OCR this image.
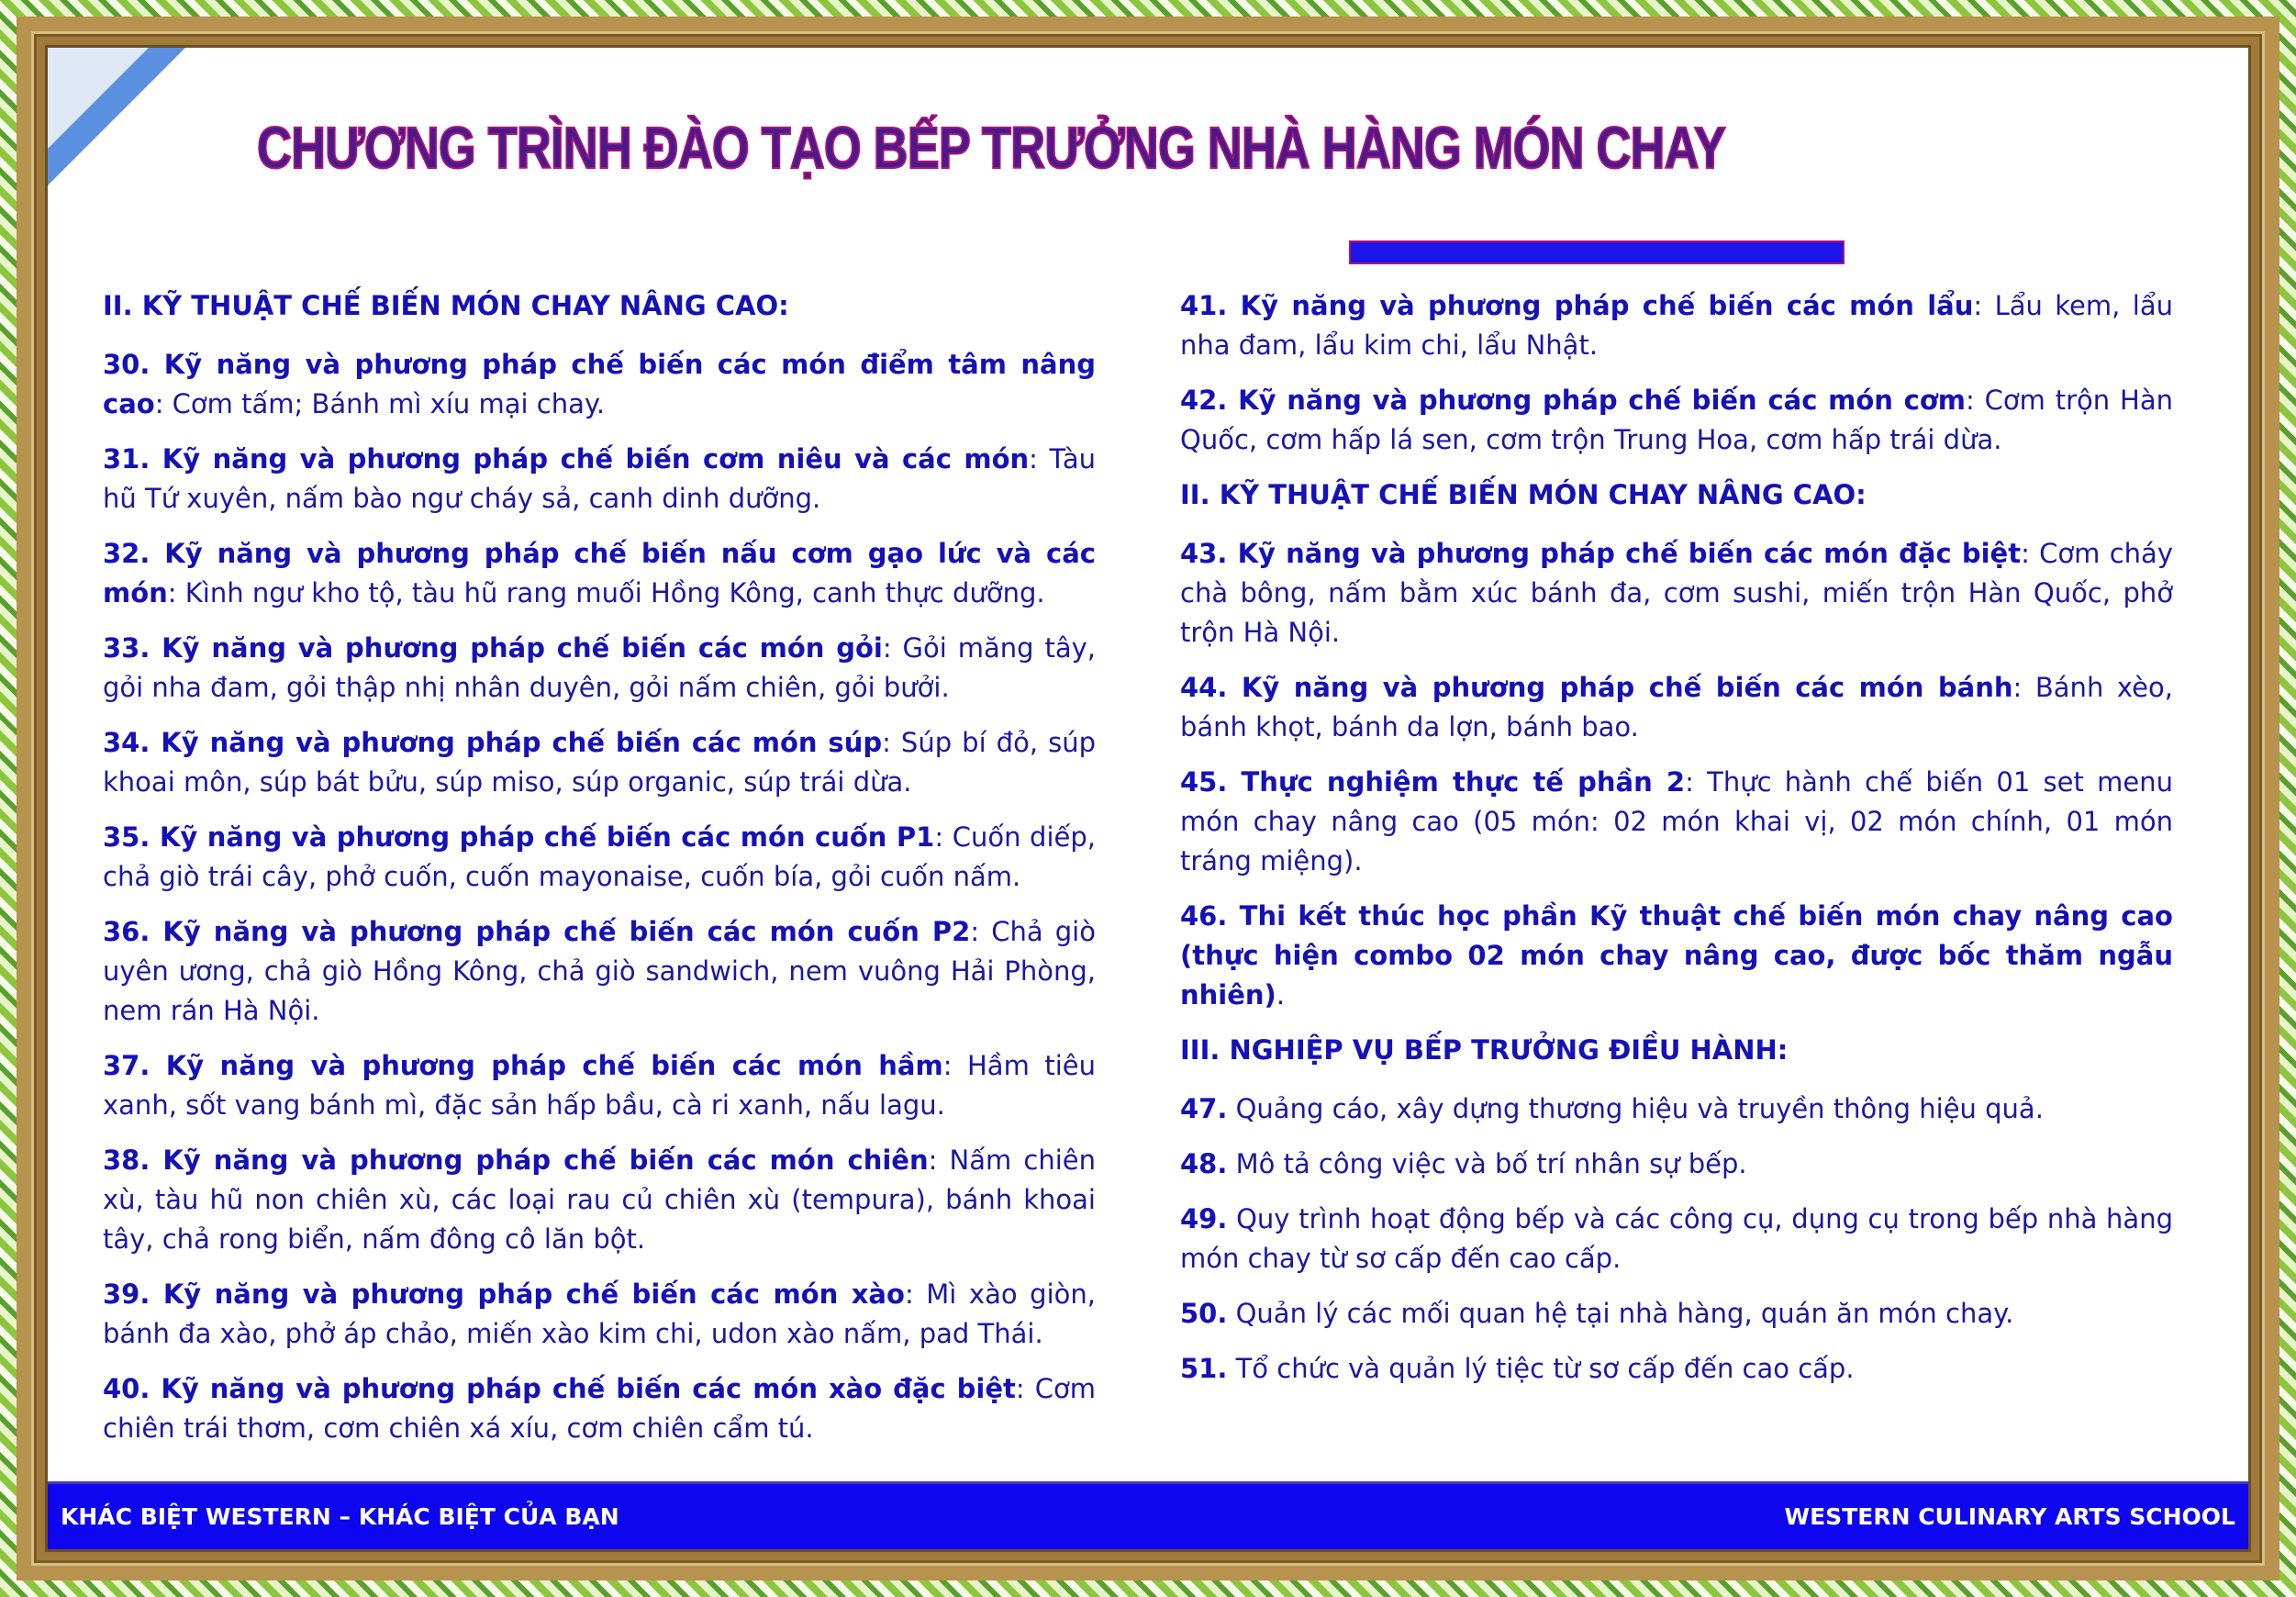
CHƯƠNG TRÌNH ĐÀO TẠO BẾP TRƯỞNG NHÀ HÀNG MÓN CHAY
II. KỸ THUẬT CHẾ BIẾN MÓN CHAY NÂNG CAO:
30. Kỹ năng và phương pháp chế biến các món điểm tâm nâng cao: Cơm tấm; Bánh mì xíu mại chay.
31. Kỹ năng và phương pháp chế biến cơm niêu và các món: Tàu hũ Tứ xuyên, nấm bào ngư cháy sả, canh dinh dưỡng.
32. Kỹ năng và phương pháp chế biến nấu cơm gạo lức và các món: Kình ngư kho tộ, tàu hũ rang muối Hồng Kông, canh thực dưỡng.
33. Kỹ năng và phương pháp chế biến các món gỏi: Gỏi măng tây, gỏi nha đam, gỏi thập nhị nhân duyên, gỏi nấm chiên, gỏi bưởi.
34. Kỹ năng và phương pháp chế biến các món súp: Súp bí đỏ, súp khoai môn, súp bát bửu, súp miso, súp organic, súp trái dừa.
35. Kỹ năng và phương pháp chế biến các món cuốn P1: Cuốn diếp, chả giò trái cây, phở cuốn, cuốn mayonaise, cuốn bía, gỏi cuốn nấm.
36. Kỹ năng và phương pháp chế biến các món cuốn P2: Chả giò uyên ương, chả giò Hồng Kông, chả giò sandwich, nem vuông Hải Phòng, nem rán Hà Nội.
37. Kỹ năng và phương pháp chế biến các món hầm: Hầm tiêu xanh, sốt vang bánh mì, đặc sản hấp bầu, cà ri xanh, nấu lagu.
38. Kỹ năng và phương pháp chế biến các món chiên: Nấm chiên xù, tàu hũ non chiên xù, các loại rau củ chiên xù (tempura), bánh khoai tây, chả rong biển, nấm đông cô lăn bột.
39. Kỹ năng và phương pháp chế biến các món xào: Mì xào giòn, bánh đa xào, phở áp chảo, miến xào kim chi, udon xào nấm, pad Thái.
40. Kỹ năng và phương pháp chế biến các món xào đặc biệt: Cơm chiên trái thơm, cơm chiên xá xíu, cơm chiên cẩm tú.
41. Kỹ năng và phương pháp chế biến các món lẩu: Lẩu kem, lẩu nha đam, lẩu kim chi, lẩu Nhật.
42. Kỹ năng và phương pháp chế biến các món cơm: Cơm trộn Hàn Quốc, cơm hấp lá sen, cơm trộn Trung Hoa, cơm hấp trái dừa.
II. KỸ THUẬT CHẾ BIẾN MÓN CHAY NÂNG CAO:
43. Kỹ năng và phương pháp chế biến các món đặc biệt: Cơm cháy chà bông, nấm bằm xúc bánh đa, cơm sushi, miến trộn Hàn Quốc, phở trộn Hà Nội.
44. Kỹ năng và phương pháp chế biến các món bánh: Bánh xèo, bánh khọt, bánh da lợn, bánh bao.
45. Thực nghiệm thực tế phần 2: Thực hành chế biến 01 set menu món chay nâng cao (05 món: 02 món khai vị, 02 món chính, 01 món tráng miệng).
46. Thi kết thúc học phần Kỹ thuật chế biến món chay nâng cao (thực hiện combo 02 món chay nâng cao, được bốc thăm ngẫu nhiên).
III. NGHIỆP VỤ BẾP TRƯỞNG ĐIỀU HÀNH:
47. Quảng cáo, xây dựng thương hiệu và truyền thông hiệu quả.
48. Mô tả công việc và bố trí nhân sự bếp.
49. Quy trình hoạt động bếp và các công cụ, dụng cụ trong bếp nhà hàng món chay từ sơ cấp đến cao cấp.
50. Quản lý các mối quan hệ tại nhà hàng, quán ăn món chay.
51. Tổ chức và quản lý tiệc từ sơ cấp đến cao cấp.
KHÁC BIỆT WESTERN – KHÁC BIỆT CỦA BẠN	WESTERN CULINARY ARTS SCHOOL
